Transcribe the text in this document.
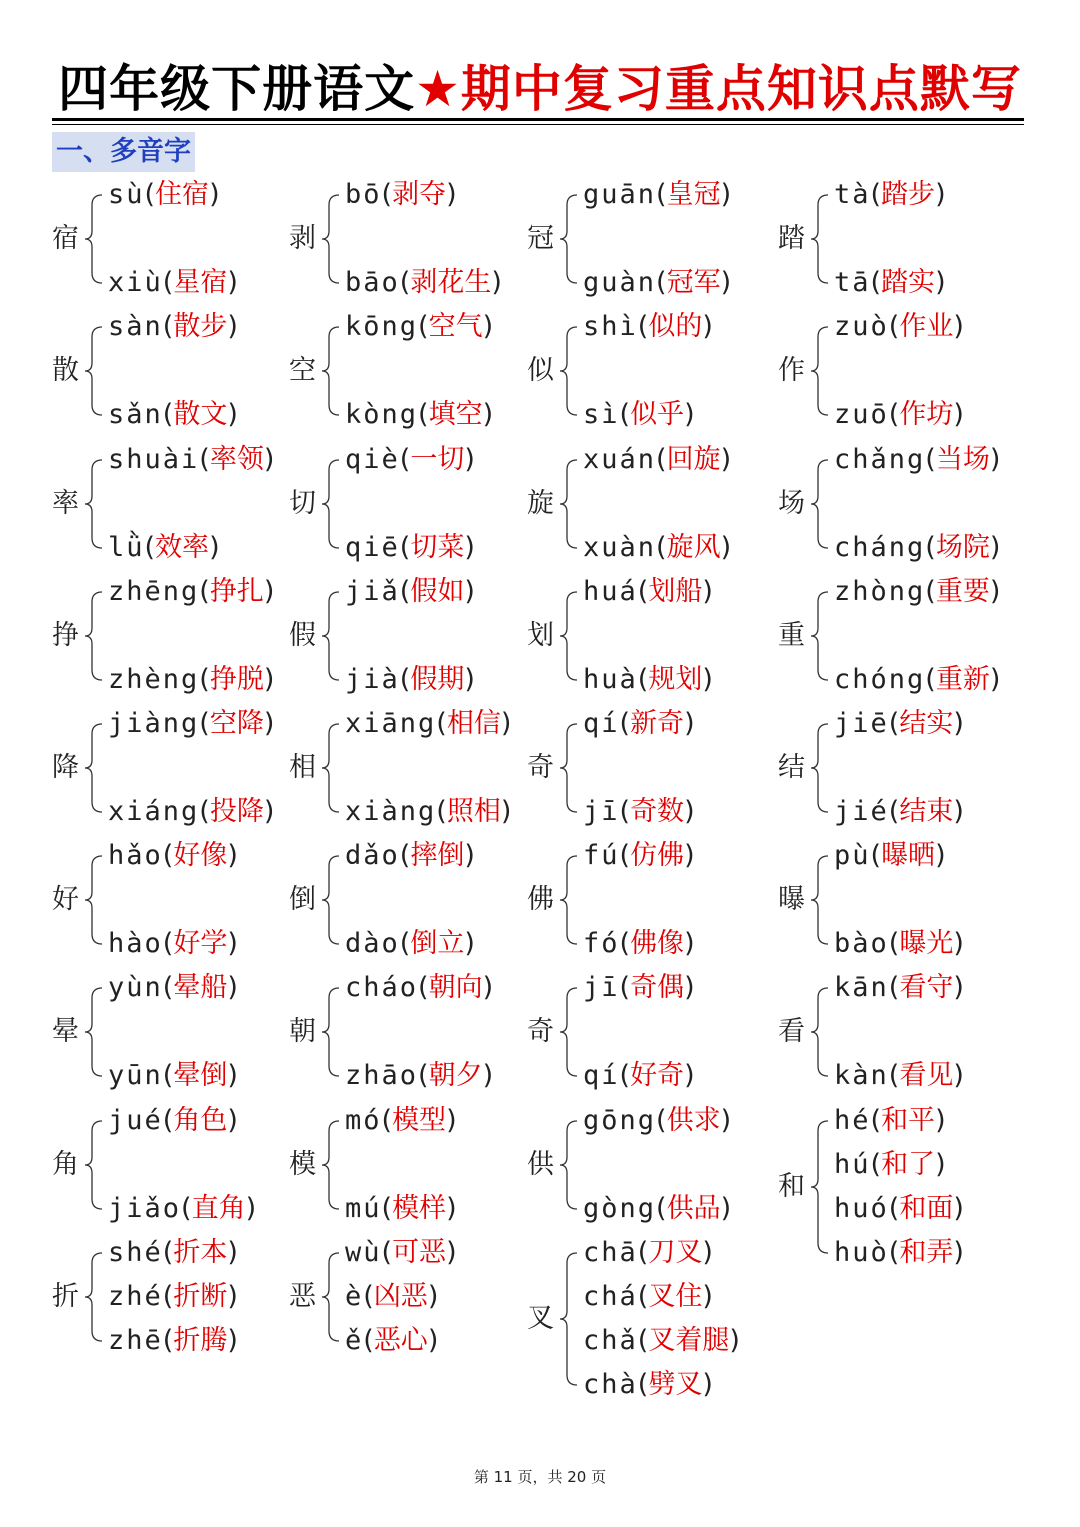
四年级下册语文★期中复习重点知识点默写
一、多音字
宿
sù(住宿)
xiù(星宿)
剥
bō(剥夺)
bāo(剥花生)
冠
guān(皇冠)
guàn(冠军)
踏
tà(踏步)
tā(踏实)
散
sàn(散步)
sǎn(散文)
空
kōng(空气)
kòng(填空)
似
shì(似的)
sì(似乎)
作
zuò(作业)
zuō(作坊)
率
shuài(率领)
lǜ(效率)
切
qiè(一切)
qiē(切菜)
旋
xuán(回旋)
xuàn(旋风)
场
chǎng(当场)
cháng(场院)
挣
zhēng(挣扎)
zhèng(挣脱)
假
jiǎ(假如)
jià(假期)
划
huá(划船)
huà(规划)
重
zhòng(重要)
chóng(重新)
降
jiàng(空降)
xiáng(投降)
相
xiāng(相信)
xiàng(照相)
奇
qí(新奇)
jī(奇数)
结
jiē(结实)
jié(结束)
好
hǎo(好像)
hào(好学)
倒
dǎo(摔倒)
dào(倒立)
佛
fú(仿佛)
fó(佛像)
曝
pù(曝晒)
bào(曝光)
晕
yùn(晕船)
yūn(晕倒)
朝
cháo(朝向)
zhāo(朝夕)
奇
jī(奇偶)
qí(好奇)
看
kān(看守)
kàn(看见)
角
jué(角色)
jiǎo(直角)
模
mó(模型)
mú(模样)
供
gōng(供求)
gòng(供品)
和
hé(和平)
hú(和了)
huó(和面)
huò(和弄)
折
shé(折本)
zhé(折断)
zhē(折腾)
恶
wù(可恶)
è(凶恶)
ě(恶心)
叉
chā(刀叉)
chá(叉住)
chǎ(叉着腿)
chà(劈叉)
第 11 页，共 20 页
